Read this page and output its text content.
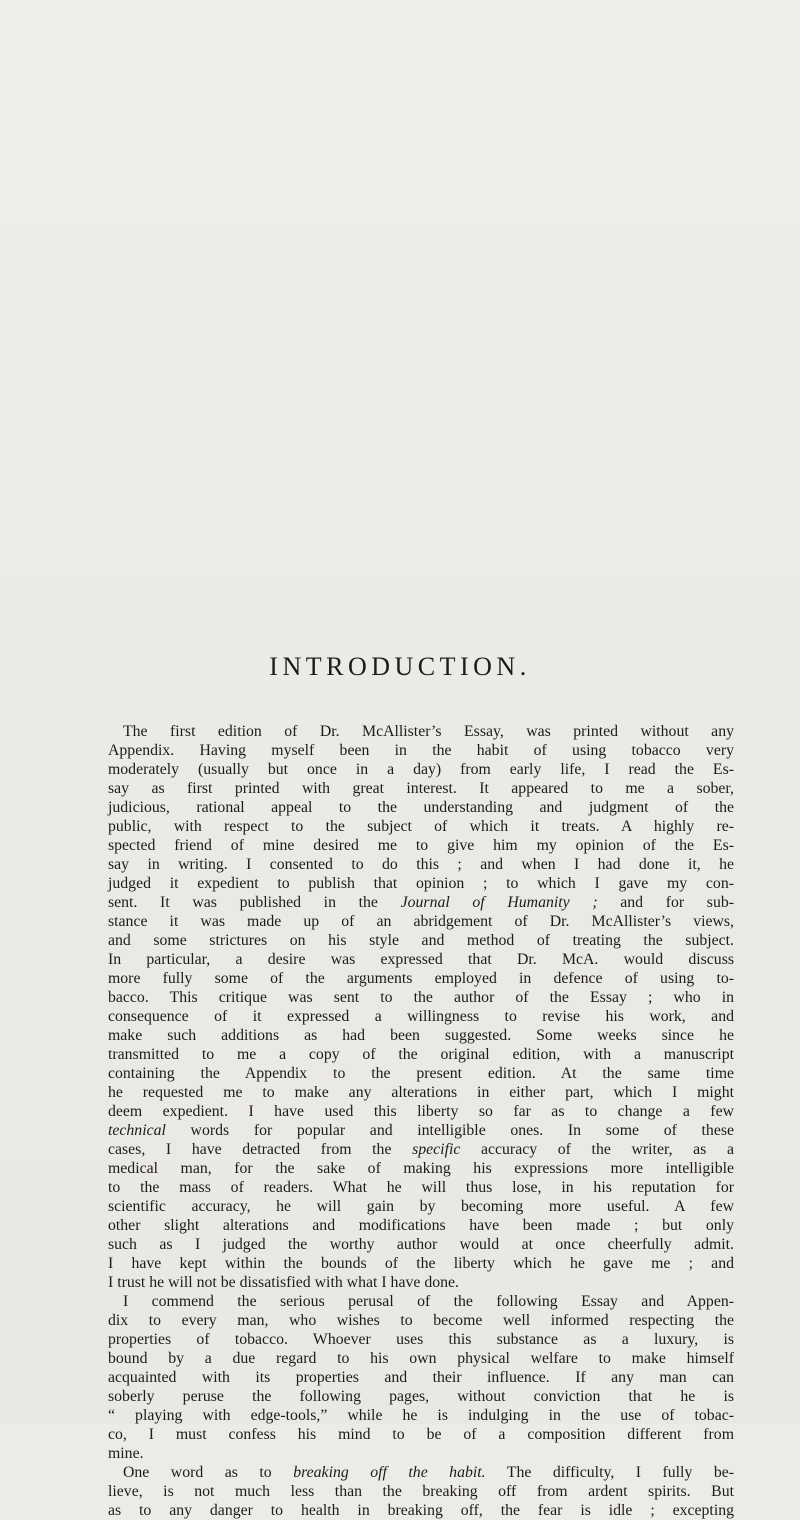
INTRODUCTION.
The first edition of Dr. McAllister’s Essay, was printed without any
Appendix. Having myself been in the habit of using tobacco very
moderately (usually but once in a day) from early life, I read the Es-
say as first printed with great interest. It appeared to me a sober,
judicious, rational appeal to the understanding and judgment of the
public, with respect to the subject of which it treats. A highly re-
spected friend of mine desired me to give him my opinion of the Es-
say in writing. I consented to do this ; and when I had done it, he
judged it expedient to publish that opinion ; to which I gave my con-
sent. It was published in the Journal of Humanity ; and for sub-
stance it was made up of an abridgement of Dr. McAllister’s views,
and some strictures on his style and method of treating the subject.
In particular, a desire was expressed that Dr. McA. would discuss
more fully some of the arguments employed in defence of using to-
bacco. This critique was sent to the author of the Essay ; who in
consequence of it expressed a willingness to revise his work, and
make such additions as had been suggested. Some weeks since he
transmitted to me a copy of the original edition, with a manuscript
containing the Appendix to the present edition. At the same time
he requested me to make any alterations in either part, which I might
deem expedient. I have used this liberty so far as to change a few
technical words for popular and intelligible ones. In some of these
cases, I have detracted from the specific accuracy of the writer, as a
medical man, for the sake of making his expressions more intelligible
to the mass of readers. What he will thus lose, in his reputation for
scientific accuracy, he will gain by becoming more useful. A few
other slight alterations and modifications have been made ; but only
such as I judged the worthy author would at once cheerfully admit.
I have kept within the bounds of the liberty which he gave me ; and
I trust he will not be dissatisfied with what I have done.
I commend the serious perusal of the following Essay and Appen-
dix to every man, who wishes to become well informed respecting the
properties of tobacco. Whoever uses this substance as a luxury, is
bound by a due regard to his own physical welfare to make himself
acquainted with its properties and their influence. If any man can
soberly peruse the following pages, without conviction that he is
“ playing with edge-tools,” while he is indulging in the use of tobac-
co, I must confess his mind to be of a composition different from
mine.
One word as to breaking off the habit. The difficulty, I fully be-
lieve, is not much less than the breaking off from ardent spirits. But
as to any danger to health in breaking off, the fear is idle ; excepting
